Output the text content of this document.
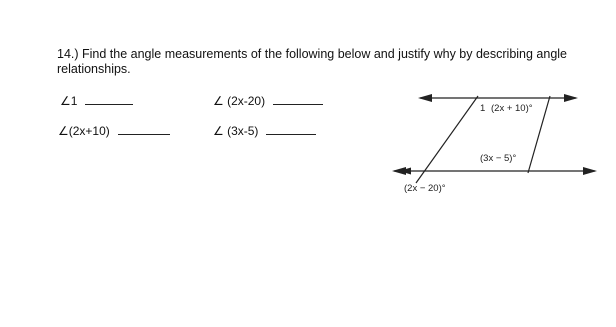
14.) Find the angle measurements of the following below and justify why by describing angle relationships.
∠1	∠ (2x-20)
∠(2x+10)	∠ (3x-5)
1 (2x + 10)°
(3x − 5)°
(2x − 20)°
